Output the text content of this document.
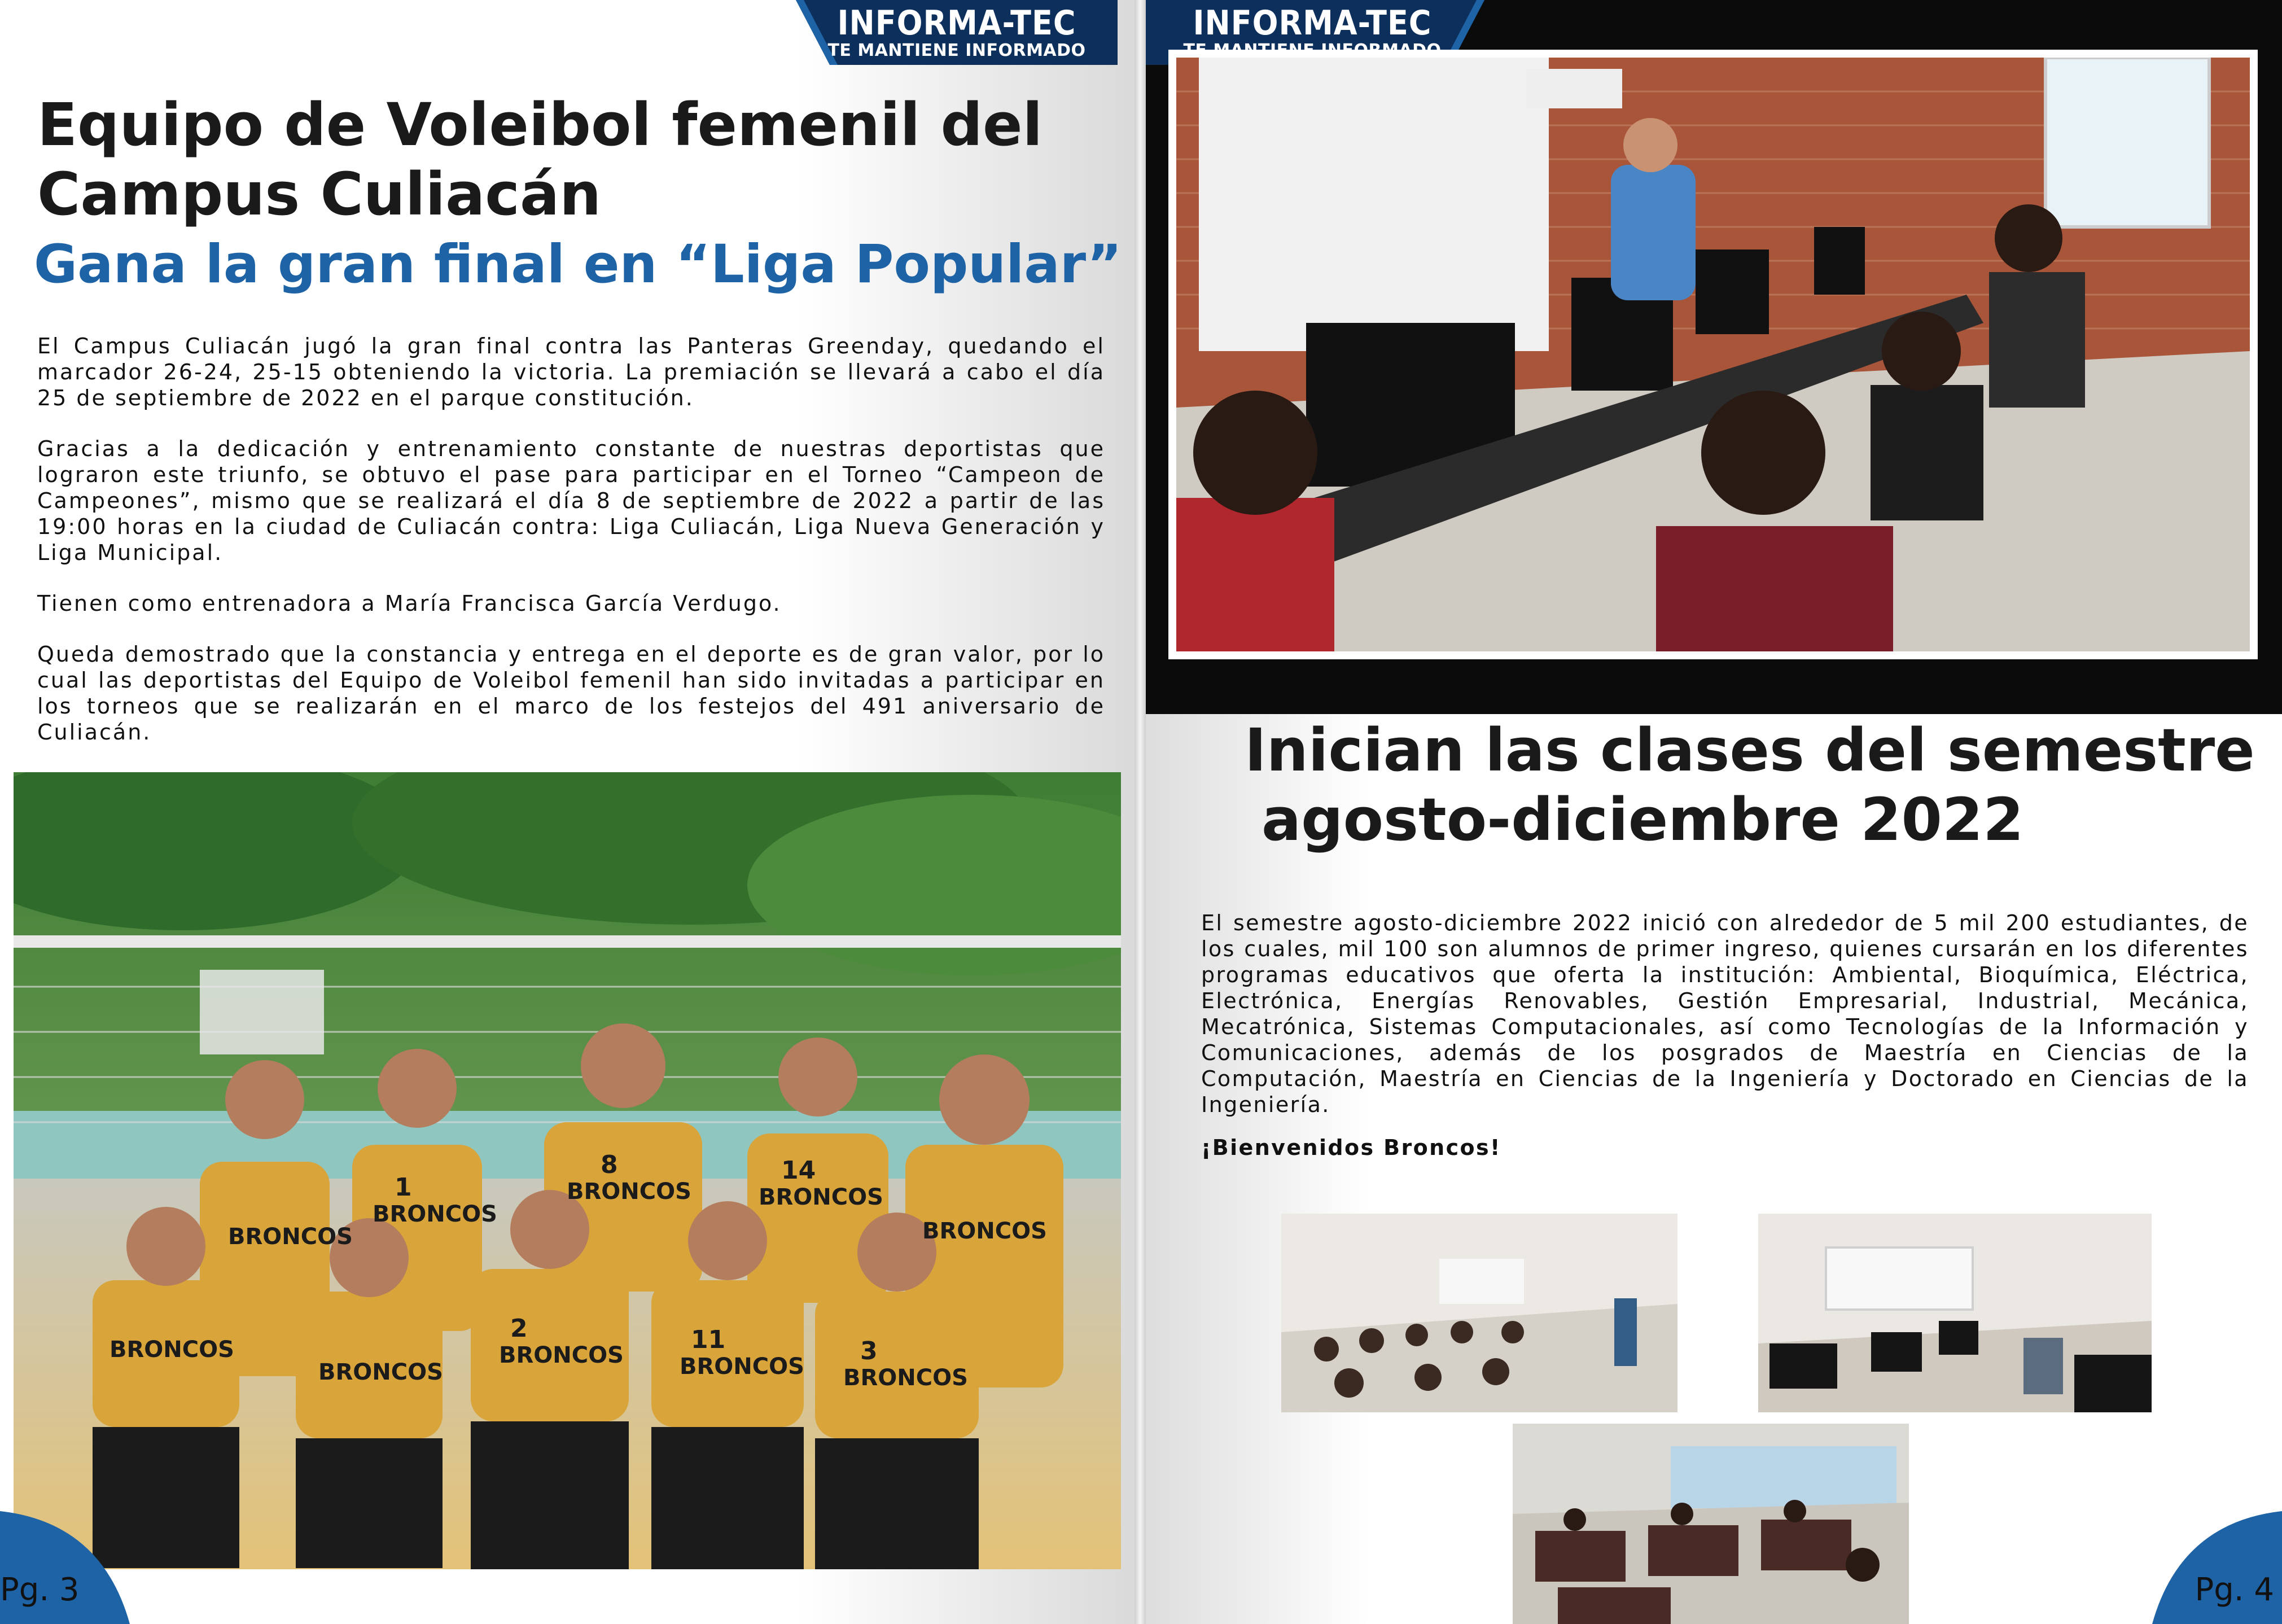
INFORMA-TEC
TE MANTIENE INFORMADO
Equipo de Voleibol femenil del
Campus Culiacán
Gana la gran final en “Liga Popular”

El Campus Culiacán jugó la gran final contra las Panteras Greenday, quedando el marcador 26-24, 25-15 obteniendo la victoria. La premiación se llevará a cabo el día 25 de septiembre de 2022 en el parque constitución.

Gracias a la dedicación y entrenamiento constante de nuestras deportistas que lograron este triunfo, se obtuvo el pase para participar en el Torneo “Campeon de Campeones”, mismo que se realizará el día 8 de septiembre de 2022 a partir de las 19:00 horas en la ciudad de Culiacán contra: Liga Culiacán, Liga Nueva Generación y Liga Municipal.

Tienen como entrenadora a María Francisca García Verdugo.

Queda demostrado que la constancia y entrega en el deporte es de gran valor, por lo cual las deportistas del Equipo de Voleibol femenil han sido invitadas a participar en los torneos que se realizarán en el marco de los festejos del 491 aniversario de Culiacán.

BRONCOS
BRONCOS	BRONCOS
BRONCOS BRONCOS BRONCOS
BRONCOS
BRONCOS
BRONCOS
BRONCOS
1
8	14
2	11	3
Pg. 3
INFORMA-TEC
Inician las clases del semestre
agosto-diciembre 2022

El semestre agosto-diciembre 2022 inició con alrededor de 5 mil 200 estudiantes, de los cuales, mil 100 son alumnos de primer ingreso, quienes cursarán en los diferentes programas educativos que oferta la institución: Ambiental, Bioquímica, Eléctrica, Electrónica, Energías Renovables, Gestión Empresarial, Industrial, Mecánica, Mecatrónica, Sistemas Computacionales, así como Tecnologías de la Información y Comunicaciones, además de los posgrados de Maestría en Ciencias de la Computación, Maestría en Ciencias de la Ingeniería y Doctorado en Ciencias de la Ingeniería.

¡Bienvenidos Broncos!

Pg. 4
